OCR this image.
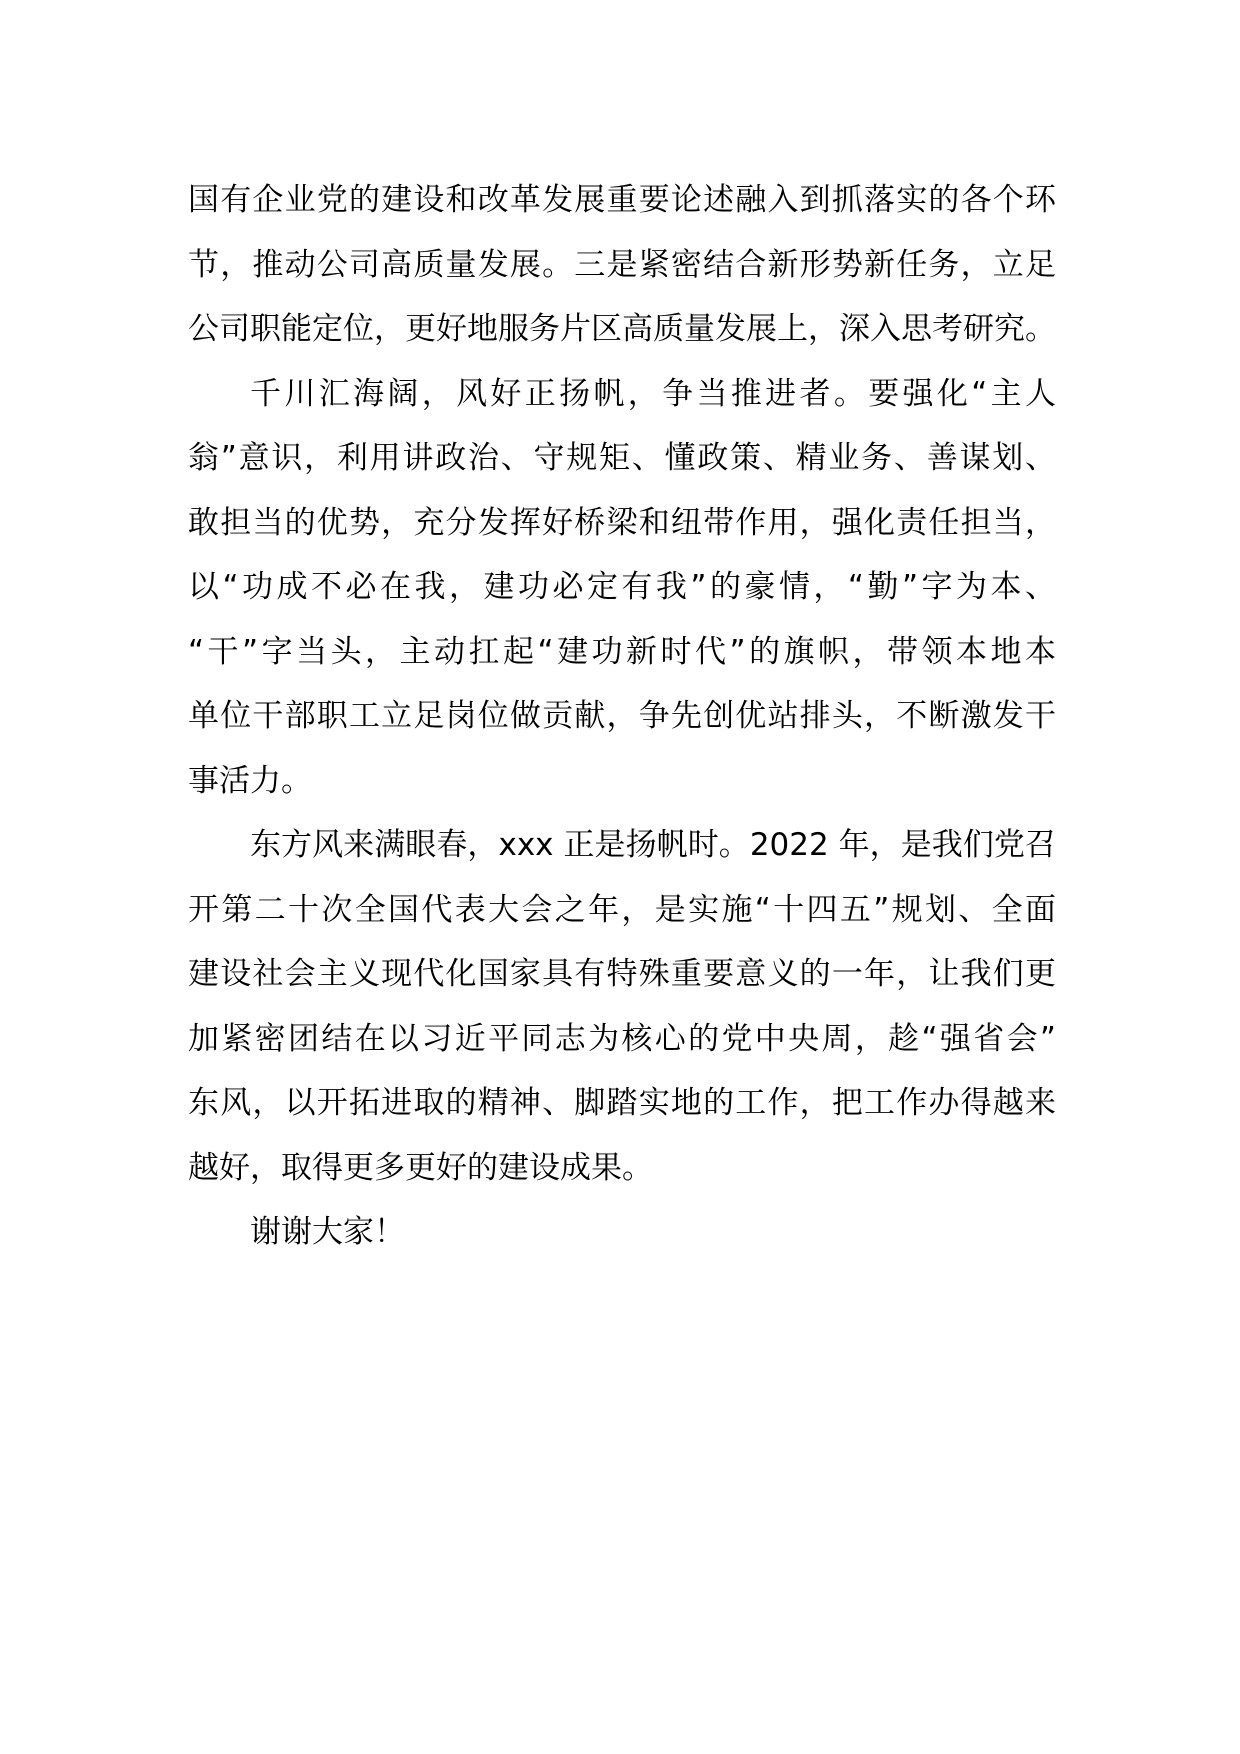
国有企业党的建设和改革发展重要论述融入到抓落实的各个环
节，推动公司高质量发展。三是紧密结合新形势新任务，立足
公司职能定位，更好地服务片区高质量发展上，深入思考研究。
千川汇海阔，风好正扬帆，争当推进者。要强化“主人
翁”意识，利用讲政治、守规矩、懂政策、精业务、善谋划、
敢担当的优势，充分发挥好桥梁和纽带作用，强化责任担当，
以“功成不必在我，建功必定有我”的豪情，“勤”字为本、
“干”字当头，主动扛起“建功新时代”的旗帜，带领本地本
单位干部职工立足岗位做贡献，争先创优站排头，不断激发干
事活力。
东方风来满眼春，xxx 正是扬帆时。2022 年，是我们党召
开第二十次全国代表大会之年，是实施“十四五”规划、全面
建设社会主义现代化国家具有特殊重要意义的一年，让我们更
加紧密团结在以习近平同志为核心的党中央周，趁“强省会”
东风，以开拓进取的精神、脚踏实地的工作，把工作办得越来
越好，取得更多更好的建设成果。
谢谢大家！
